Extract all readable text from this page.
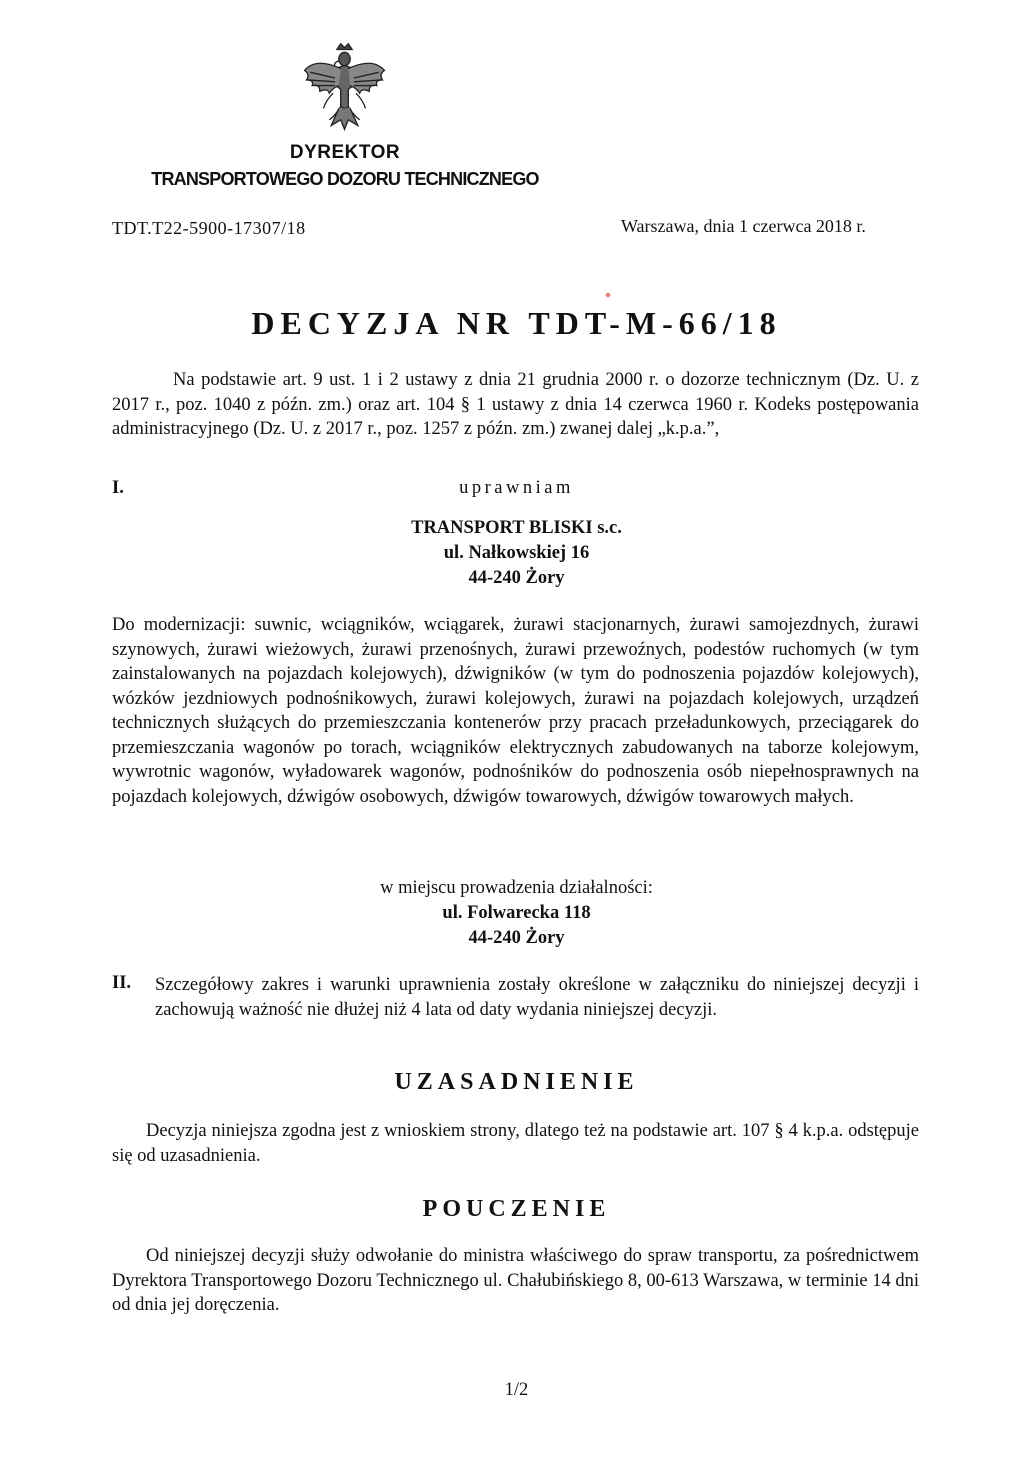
DYREKTOR
TRANSPORTOWEGO DOZORU TECHNICZNEGO
TDT.T22-5900-17307/18	Warszawa, dnia 1 czerwca 2018 r.
DECYZJA NR TDT-M-66/18
Na podstawie art. 9 ust. 1 i 2 ustawy z dnia 21 grudnia 2000 r. o dozorze technicznym (Dz. U. z 2017 r., poz. 1040 z późn. zm.) oraz art. 104 § 1 ustawy z dnia 14 czerwca 1960 r. Kodeks postępowania administracyjnego (Dz. U. z 2017 r., poz. 1257 z późn. zm.) zwanej dalej „k.p.a.”,
I.	uprawniam
TRANSPORT BLISKI s.c.
ul. Nałkowskiej 16
44-240 Żory
Do modernizacji: suwnic, wciągników, wciągarek, żurawi stacjonarnych, żurawi samojezdnych, żurawi szynowych, żurawi wieżowych, żurawi przenośnych, żurawi przewoźnych, podestów ruchomych (w tym zainstalowanych na pojazdach kolejowych), dźwigników (w tym do podnoszenia pojazdów kolejowych), wózków jezdniowych podnośnikowych, żurawi kolejowych, żurawi na pojazdach kolejowych, urządzeń technicznych służących do przemieszczania kontenerów przy pracach przeładunkowych, przeciągarek do przemieszczania wagonów po torach, wciągników elektrycznych zabudowanych na taborze kolejowym, wywrotnic wagonów, wyładowarek wagonów, podnośników do podnoszenia osób niepełnosprawnych na pojazdach kolejowych, dźwigów osobowych, dźwigów towarowych, dźwigów towarowych małych.
w miejscu prowadzenia działalności:
ul. Folwarecka 118
44-240 Żory
II. Szczegółowy zakres i warunki uprawnienia zostały określone w załączniku do niniejszej decyzji i zachowują ważność nie dłużej niż 4 lata od daty wydania niniejszej decyzji.
UZASADNIENIE
Decyzja niniejsza zgodna jest z wnioskiem strony, dlatego też na podstawie art. 107 § 4 k.p.a. odstępuje się od uzasadnienia.
POUCZENIE
Od niniejszej decyzji służy odwołanie do ministra właściwego do spraw transportu, za pośrednictwem Dyrektora Transportowego Dozoru Technicznego ul. Chałubińskiego 8, 00-613 Warszawa, w terminie 14 dni od dnia jej doręczenia.
1/2
